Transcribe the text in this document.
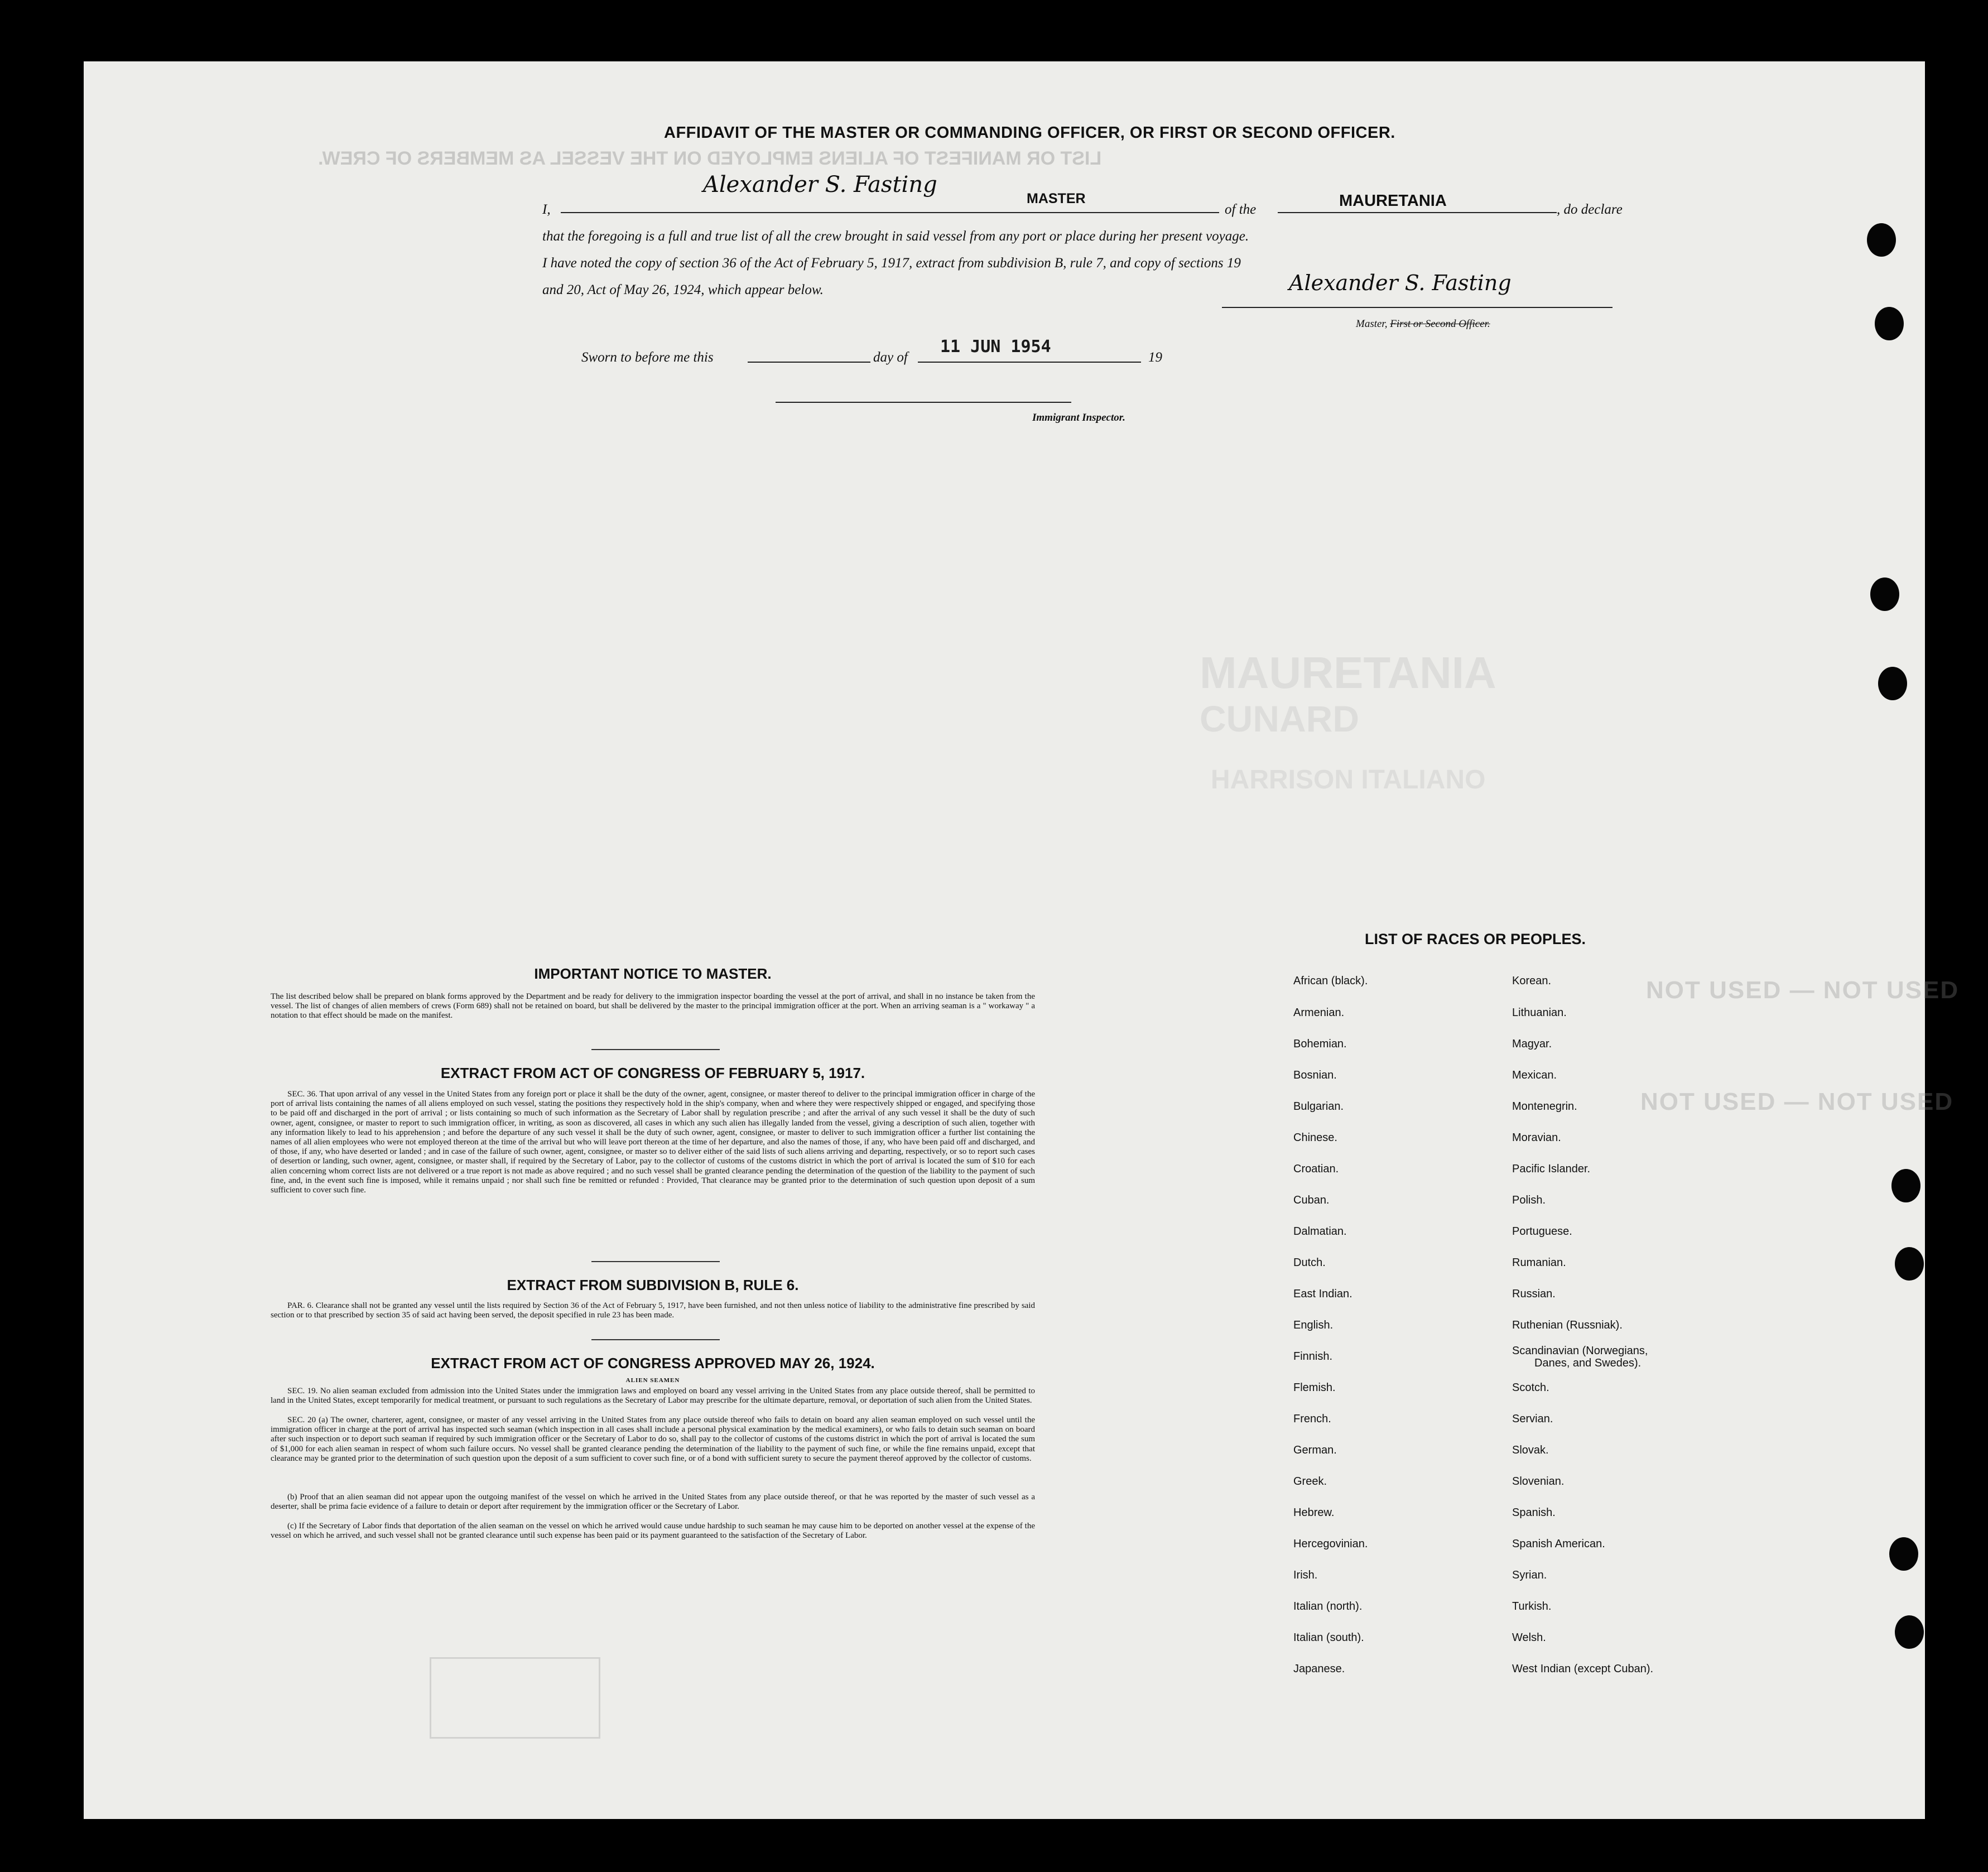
LIST OR MANIFEST OF ALIENS EMPLOYED ON THE VESSEL AS MEMBERS OF CREW.
MAURETANIA
CUNARD
HARRISON ITALIANO
AFFIDAVIT OF THE MASTER OR COMMANDING OFFICER, OR FIRST OR SECOND OFFICER.
I,
Alexander S. Fasting
MASTER
of the	MAURETANIA	, do declare
that the foregoing is a full and true list of all the crew brought in said vessel from any port or place during her present voyage.
I have noted the copy of section 36 of the Act of February 5, 1917, extract from subdivision B, rule 7, and copy of sections 19
and 20, Act of May 26, 1924, which appear below.	Alexander S. Fasting
Master, First or Second Officer.
Sworn to before me this	day of
11 JUN 1954
19
Immigrant Inspector.
IMPORTANT NOTICE TO MASTER.
The list described below shall be prepared on blank forms approved by the Department and be ready for delivery to the immigration inspector boarding the vessel at the port of arrival, and shall in no instance be taken from the vessel. The list of changes of alien members of crews (Form 689) shall not be retained on board, but shall be delivered by the master to the principal immigration officer at the port. When an arriving seaman is a " workaway " a notation to that effect should be made on the manifest.
EXTRACT FROM ACT OF CONGRESS OF FEBRUARY 5, 1917.
SEC. 36. That upon arrival of any vessel in the United States from any foreign port or place it shall be the duty of the owner, agent, consignee, or master thereof to deliver to the principal immigration officer in charge of the port of arrival lists containing the names of all aliens employed on such vessel, stating the positions they respectively hold in the ship's company, when and where they were respectively shipped or engaged, and specifying those to be paid off and discharged in the port of arrival ; or lists containing so much of such information as the Secretary of Labor shall by regulation prescribe ; and after the arrival of any such vessel it shall be the duty of such owner, agent, consignee, or master to report to such immigration officer, in writing, as soon as discovered, all cases in which any such alien has illegally landed from the vessel, giving a description of such alien, together with any information likely to lead to his apprehension ; and before the departure of any such vessel it shall be the duty of such owner, agent, consignee, or master to deliver to such immigration officer a further list containing the names of all alien employees who were not employed thereon at the time of the arrival but who will leave port thereon at the time of her departure, and also the names of those, if any, who have been paid off and discharged, and of those, if any, who have deserted or landed ; and in case of the failure of such owner, agent, consignee, or master so to deliver either of the said lists of such aliens arriving and departing, respectively, or so to report such cases of desertion or landing, such owner, agent, consignee, or master shall, if required by the Secretary of Labor, pay to the collector of customs of the customs district in which the port of arrival is located the sum of $10 for each alien concerning whom correct lists are not delivered or a true report is not made as above required ; and no such vessel shall be granted clearance pending the determination of the question of the liability to the payment of such fine, and, in the event such fine is imposed, while it remains unpaid ; nor shall such fine be remitted or refunded : Provided, That clearance may be granted prior to the determination of such question upon deposit of a sum sufficient to cover such fine.
EXTRACT FROM SUBDIVISION B, RULE 6.
PAR. 6. Clearance shall not be granted any vessel until the lists required by Section 36 of the Act of February 5, 1917, have been furnished, and not then unless notice of liability to the administrative fine prescribed by said section or to that prescribed by section 35 of said act having been served, the deposit specified in rule 23 has been made.
EXTRACT FROM ACT OF CONGRESS APPROVED MAY 26, 1924.
ALIEN SEAMEN
SEC. 19. No alien seaman excluded from admission into the United States under the immigration laws and employed on board any vessel arriving in the United States from any place outside thereof, shall be permitted to land in the United States, except temporarily for medical treatment, or pursuant to such regulations as the Secretary of Labor may prescribe for the ultimate departure, removal, or deportation of such alien from the United States.
SEC. 20 (a) The owner, charterer, agent, consignee, or master of any vessel arriving in the United States from any place outside thereof who fails to detain on board any alien seaman employed on such vessel until the immigration officer in charge at the port of arrival has inspected such seaman (which inspection in all cases shall include a personal physical examination by the medical examiners), or who fails to detain such seaman on board after such inspection or to deport such seaman if required by such immigration officer or the Secretary of Labor to do so, shall pay to the collector of customs of the customs district in which the port of arrival is located the sum of $1,000 for each alien seaman in respect of whom such failure occurs. No vessel shall be granted clearance pending the determination of the liability to the payment of such fine, or while the fine remains unpaid, except that clearance may be granted prior to the determination of such question upon the deposit of a sum sufficient to cover such fine, or of a bond with sufficient surety to secure the payment thereof approved by the collector of customs.
(b) Proof that an alien seaman did not appear upon the outgoing manifest of the vessel on which he arrived in the United States from any place outside thereof, or that he was reported by the master of such vessel as a deserter, shall be prima facie evidence of a failure to detain or deport after requirement by the immigration officer or the Secretary of Labor.
(c) If the Secretary of Labor finds that deportation of the alien seaman on the vessel on which he arrived would cause undue hardship to such seaman he may cause him to be deported on another vessel at the expense of the vessel on which he arrived, and such vessel shall not be granted clearance until such expense has been paid or its payment guaranteed to the satisfaction of the Secretary of Labor.
NOT USED — NOT USED
NOT USED — NOT USED
LIST OF RACES OR PEOPLES.
African (black).
Armenian.
Bohemian.
Bosnian.
Bulgarian.
Chinese.
Croatian.
Cuban.
Dalmatian.
Dutch.
East Indian.
English.
Finnish.
Flemish.
French.
German.
Greek.
Hebrew.
Hercegovinian.
Irish.
Italian (north).
Italian (south).
Japanese.
Korean.
Lithuanian.
Magyar.
Mexican.
Montenegrin.
Moravian.
Pacific Islander.
Polish.
Portuguese.
Rumanian.
Russian.
Ruthenian (Russniak).
Scandinavian (Norwegians,
Danes, and Swedes).
Scotch.
Servian.
Slovak.
Slovenian.
Spanish.
Spanish American.
Syrian.
Turkish.
Welsh.
West Indian (except Cuban).
